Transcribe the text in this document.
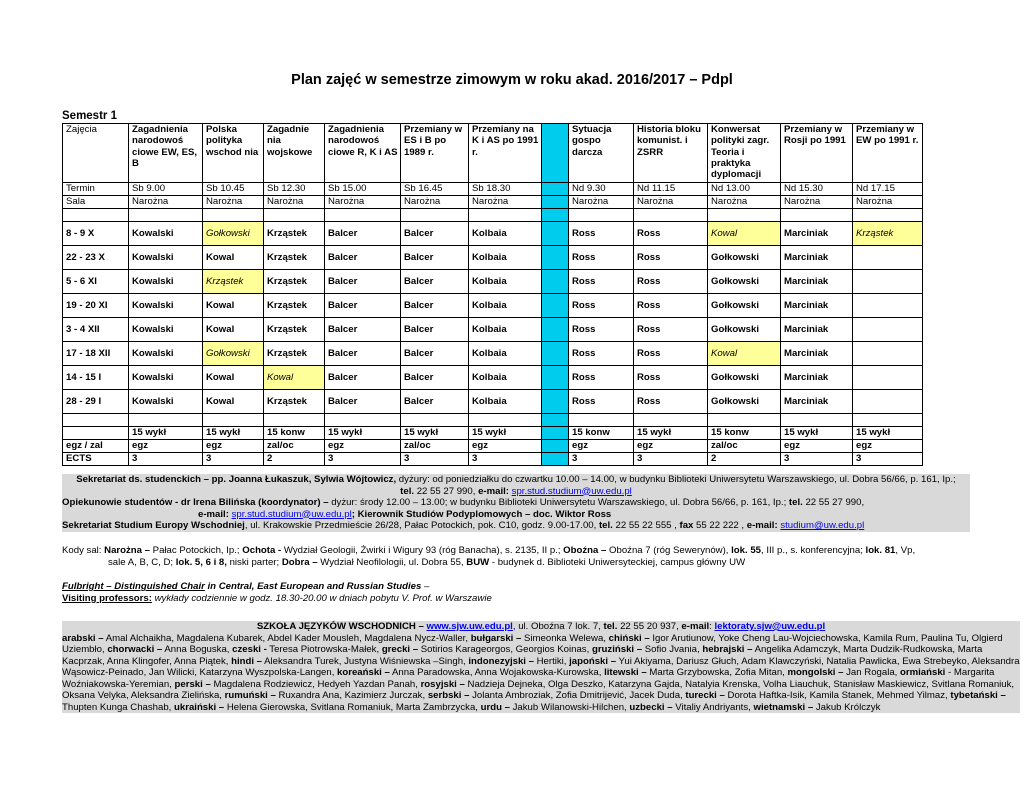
Plan zajęć w semestrze zimowym w roku akad. 2016/2017 – Pdpl
Semestr 1
Zajęcia	Zagadnienia narodowoś ciowe EW, ES, B	Polska polityka wschod nia	Zagadnie nia wojskowe	Zagadnienia narodowoś ciowe R, K i AS	Przemiany w ES i B po 1989 r.	Przemiany na K i AS po 1991 r.		Sytuacja gospo darcza	Historia bloku komunist. i ZSRR	Konwersat polityki zagr. Teoria i praktyka dyplomacji	Przemiany w Rosji po 1991	Przemiany w EW po 1991 r.
Termin	Sb 9.00	Sb 10.45	Sb 12.30	Sb 15.00	Sb 16.45	Sb 18.30		Nd 9.30	Nd 11.15	Nd 13.00	Nd 15.30	Nd 17.15
Sala	Narożna	Narożna	Narożna	Narożna	Narożna	Narożna		Narożna	Narożna	Narożna	Narożna	Narożna

8 - 9 X	Kowalski	Gołkowski	Krząstek	Balcer	Balcer	Kolbaia		Ross	Ross	Kowal	Marciniak	Krząstek
22 - 23 X	Kowalski	Kowal	Krząstek	Balcer	Balcer	Kolbaia		Ross	Ross	Gołkowski	Marciniak	
5 - 6 XI	Kowalski	Krząstek	Krząstek	Balcer	Balcer	Kolbaia		Ross	Ross	Gołkowski	Marciniak	
19 - 20 XI	Kowalski	Kowal	Krząstek	Balcer	Balcer	Kolbaia		Ross	Ross	Gołkowski	Marciniak	
3 - 4 XII	Kowalski	Kowal	Krząstek	Balcer	Balcer	Kolbaia		Ross	Ross	Gołkowski	Marciniak	
17 - 18 XII	Kowalski	Gołkowski	Krząstek	Balcer	Balcer	Kolbaia		Ross	Ross	Kowal	Marciniak	
14 - 15 I	Kowalski	Kowal	Kowal	Balcer	Balcer	Kolbaia		Ross	Ross	Gołkowski	Marciniak	
28 - 29 I	Kowalski	Kowal	Krząstek	Balcer	Balcer	Kolbaia		Ross	Ross	Gołkowski	Marciniak	

	15 wykł	15 wykł	15 konw	15 wykł	15 wykł	15 wykł		15 konw	15 wykł	15 konw	15 wykł	15 wykł
egz / zal	egz	egz	zal/oc	egz	zal/oc	egz		egz	egz	zal/oc	egz	egz
ECTS	3	3	2	3	3	3		3	3	2	3	3
Sekretariat ds. studenckich – pp. Joanna Łukaszuk, Sylwia Wójtowicz, dyżury: od poniedziałku do czwartku 10.00 – 14.00, w budynku Biblioteki Uniwersytetu Warszawskiego, ul. Dobra 56/66, p. 161, Ip.;
tel. 22 55 27 990, e-mail: spr.stud.studium@uw.edu.pl
Opiekunowie studentów - dr Irena Bilińska (koordynator) – dyżur: środy 12.00 – 13.00; w budynku Biblioteki Uniwersytetu Warszawskiego, ul. Dobra 56/66, p. 161, Ip.; tel. 22 55 27 990,
e-mail: spr.stud.studium@uw.edu.pl; Kierownik Studiów Podyplomowych – doc. Wiktor Ross
Sekretariat Studium Europy Wschodniej, ul. Krakowskie Przedmieście 26/28, Pałac Potockich, pok. C10, godz. 9.00-17.00, tel. 22 55 22 555 , fax 55 22 222 , e-mail: studium@uw.edu.pl
Kody sal: Narożna – Pałac Potockich, Ip.; Ochota - Wydział Geologii, Żwirki i Wigury 93 (róg Banacha), s. 2135, II p.; Oboźna – Oboźna 7 (róg Sewerynów), lok. 55, III p., s. konferencyjna; lok. 81, Vp,
sale A, B, C, D; lok. 5, 6 i 8, niski parter; Dobra – Wydział Neofilologii, ul. Dobra 55, BUW - budynek d. Biblioteki Uniwersyteckiej, campus główny UW
Fulbright – Distinguished Chair in Central, East European and Russian Studies –
Visiting professors: wykłady codziennie w godz. 18.30-20.00 w dniach pobytu V. Prof. w Warszawie
SZKOŁA JĘZYKÓW WSCHODNICH – www.sjw.uw.edu.pl, ul. Oboźna 7 lok. 7, tel. 22 55 20 937, e-mail: lektoraty.sjw@uw.edu.pl
arabski – Amal Alchaikha, Magdalena Kubarek, Abdel Kader Mousleh, Magdalena Nycz-Waller, bułgarski – Simeonka Welewa, chiński – Igor Arutiunow, Yoke Cheng Lau-Wojciechowska, Kamila Rum, Paulina Tu, Olgierd Uziembło, chorwacki – Anna Boguska, czeski - Teresa Piotrowska-Małek, grecki – Sotirios Karageorgos, Georgios Koinas, gruziński – Sofio Jvania, hebrajski – Angelika Adamczyk, Marta Dudzik-Rudkowska, Marta Kacprzak, Anna Klingofer, Anna Piątek, hindi – Aleksandra Turek, Justyna Wiśniewska –Singh, indonezyjski – Hertiki, japoński – Yui Akiyama, Dariusz Głuch, Adam Klawczyński, Natalia Pawlicka, Ewa Strebeyko, Aleksandra Wąsowicz-Peinado, Jan Wilicki, Katarzyna Wyszpolska-Langen, koreański – Anna Paradowska, Anna Wojakowska-Kurowska, litewski – Marta Grzybowska, Zofia Mitan, mongolski – Jan Rogala, ormiański - Margarita Woźniakowska-Yeremian, perski – Magdalena Rodziewicz, Hedyeh Yazdan Panah, rosyjski – Nadzieja Dejneka, Olga Deszko, Katarzyna Gajda, Natalyia Krenska, Volha Liauchuk, Stanisław Maskiewicz, Svitlana Romaniuk, Oksana Velyka, Aleksandra Zielińska, rumuński – Ruxandra Ana, Kazimierz Jurczak, serbski – Jolanta Ambroziak, Zofia Dmitrijević, Jacek Duda, turecki – Dorota Haftka-Isik, Kamila Stanek, Mehmed Yilmaz, tybetański – Thupten Kunga Chashab, ukraiński – Helena Gierowska, Svitlana Romaniuk, Marta Zambrzycka, urdu – Jakub Wilanowski-Hilchen, uzbecki – Vitaliy Andriyants, wietnamski – Jakub Królczyk
